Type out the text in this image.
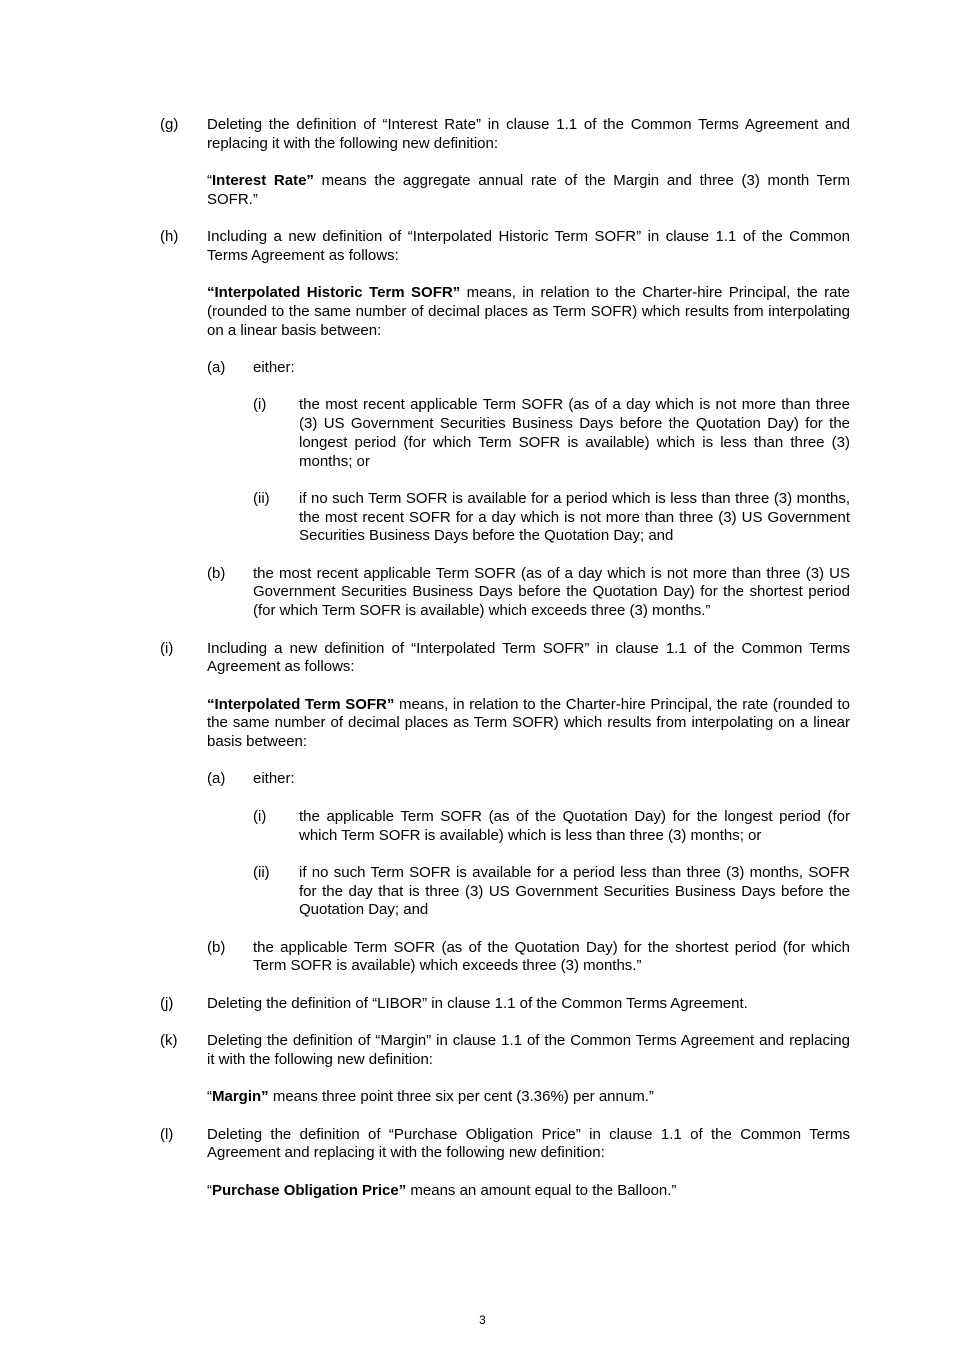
(g) Deleting the definition of “Interest Rate” in clause 1.1 of the Common Terms Agreement and replacing it with the following new definition:

“Interest Rate” means the aggregate annual rate of the Margin and three (3) month Term SOFR.”

(h) Including a new definition of “Interpolated Historic Term SOFR” in clause 1.1 of the Common Terms Agreement as follows:

“Interpolated Historic Term SOFR” means, in relation to the Charter-hire Principal, the rate (rounded to the same number of decimal places as Term SOFR) which results from interpolating on a linear basis between:

(a) either:

(i) the most recent applicable Term SOFR (as of a day which is not more than three (3) US Government Securities Business Days before the Quotation Day) for the longest period (for which Term SOFR is available) which is less than three (3) months; or

(ii) if no such Term SOFR is available for a period which is less than three (3) months, the most recent SOFR for a day which is not more than three (3) US Government Securities Business Days before the Quotation Day; and

(b) the most recent applicable Term SOFR (as of a day which is not more than three (3) US Government Securities Business Days before the Quotation Day) for the shortest period (for which Term SOFR is available) which exceeds three (3) months.”

(i) Including a new definition of “Interpolated Term SOFR” in clause 1.1 of the Common Terms Agreement as follows:

“Interpolated Term SOFR” means, in relation to the Charter-hire Principal, the rate (rounded to the same number of decimal places as Term SOFR) which results from interpolating on a linear basis between:

(a) either:

(i) the applicable Term SOFR (as of the Quotation Day) for the longest period (for which Term SOFR is available) which is less than three (3) months; or

(ii) if no such Term SOFR is available for a period less than three (3) months, SOFR for the day that is three (3) US Government Securities Business Days before the Quotation Day; and

(b) the applicable Term SOFR (as of the Quotation Day) for the shortest period (for which Term SOFR is available) which exceeds three (3) months.”

(j) Deleting the definition of “LIBOR” in clause 1.1 of the Common Terms Agreement.

(k) Deleting the definition of “Margin” in clause 1.1 of the Common Terms Agreement and replacing it with the following new definition:

“Margin” means three point three six per cent (3.36%) per annum.”

(l) Deleting the definition of “Purchase Obligation Price” in clause 1.1 of the Common Terms Agreement and replacing it with the following new definition:

“Purchase Obligation Price” means an amount equal to the Balloon.”

3
